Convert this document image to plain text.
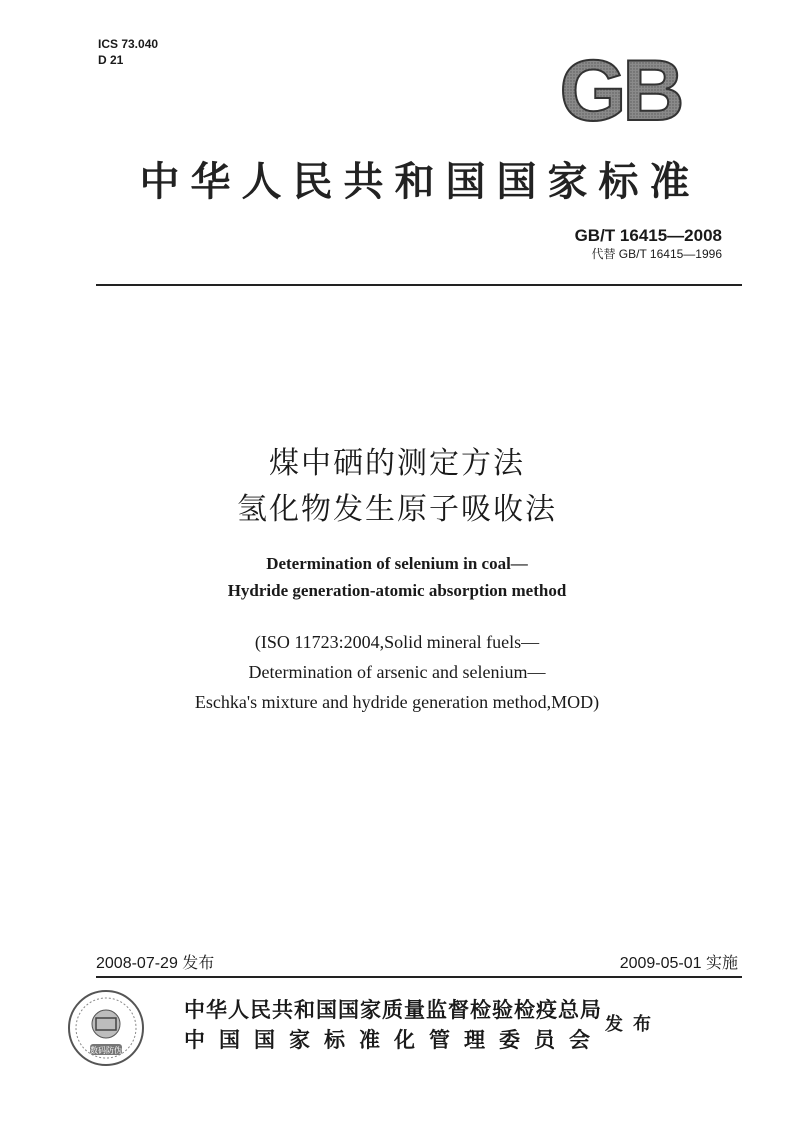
ICS 73.040
D 21	GB
中华人民共和国国家标准
GB/T 16415—2008
代替 GB/T 16415—1996
煤中硒的测定方法
氢化物发生原子吸收法
Determination of selenium in coal—
Hydride generation-atomic absorption method
(ISO 11723:2004,Solid mineral fuels—
Determination of arsenic and selenium—
Eschka's mixture and hydride generation method,MOD)
2008-07-29 发布	2009-05-01 实施
数码防伪
中华人民共和国国家质量监督检验检疫总局
中国国家标准化管理委员会
发布
